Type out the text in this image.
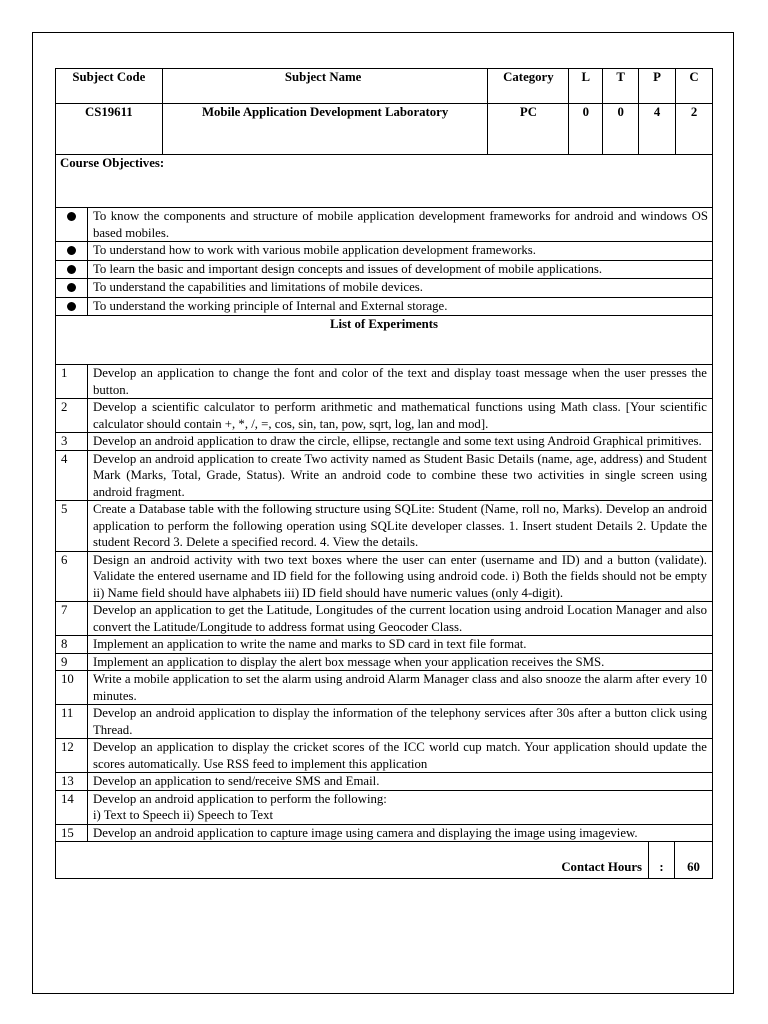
Subject Code		Subject Name	Category	L	T	P	C
CS19611		Mobile Application Development Laboratory	PC	0	0	4	2
Course Objectives:							
	To know the components and structure of mobile application development frameworks for android and windows OS based mobiles.						
	To understand how to work with various mobile application development frameworks.						
	To learn the basic and important design concepts and issues of development of mobile applications.						
	To understand the capabilities and limitations of mobile devices.						
	To understand the working principle of Internal and External storage.						
List of Experiments							
1	Develop an application to change the font and color of the text and display toast message when the user presses the button.						
2	Develop a scientific calculator to perform arithmetic and mathematical functions using Math class. [Your scientific calculator should contain +, *, /, =, cos, sin, tan, pow, sqrt, log, lan and mod].						
3	Develop an android application to draw the circle, ellipse, rectangle and some text using Android Graphical primitives.						
4	Develop an android application to create Two activity named as Student Basic Details (name, age, address) and Student Mark (Marks, Total, Grade, Status). Write an android code to combine these two activities in single screen using android fragment.						
5	Create a Database table with the following structure using SQLite: Student (Name, roll no, Marks). Develop an android application to perform the following operation using SQLite developer classes. 1. Insert student Details 2. Update the student Record 3. Delete a specified record. 4. View the details.						
6	Design an android activity with two text boxes where the user can enter (username and ID) and a button (validate). Validate the entered username and ID field for the following using android code. i) Both the fields should not be empty ii) Name field should have alphabets iii) ID field should have numeric values (only 4-digit).						
7	Develop an application to get the Latitude, Longitudes of the current location using android Location Manager and also convert the Latitude/Longitude to address format using Geocoder Class.						
8	Implement an application to write the name and marks to SD card in text file format.						
9	Implement an application to display the alert box message when your application receives the SMS.						
10	Write a mobile application to set the alarm using android Alarm Manager class and also snooze the alarm after every 10 minutes.						
11	Develop an android application to display the information of the telephony services after 30s after a button click using Thread.						
12	Develop an application to display the cricket scores of the ICC world cup match. Your application should update the scores automatically. Use RSS feed to implement this application						
13	Develop an application to send/receive SMS and Email.						
14	Develop an android application to perform the following:
i) Text to Speech ii) Speech to Text						

15	Develop an android application to capture image using camera and displaying the image using imageview.						

Contact Hours : 60							
